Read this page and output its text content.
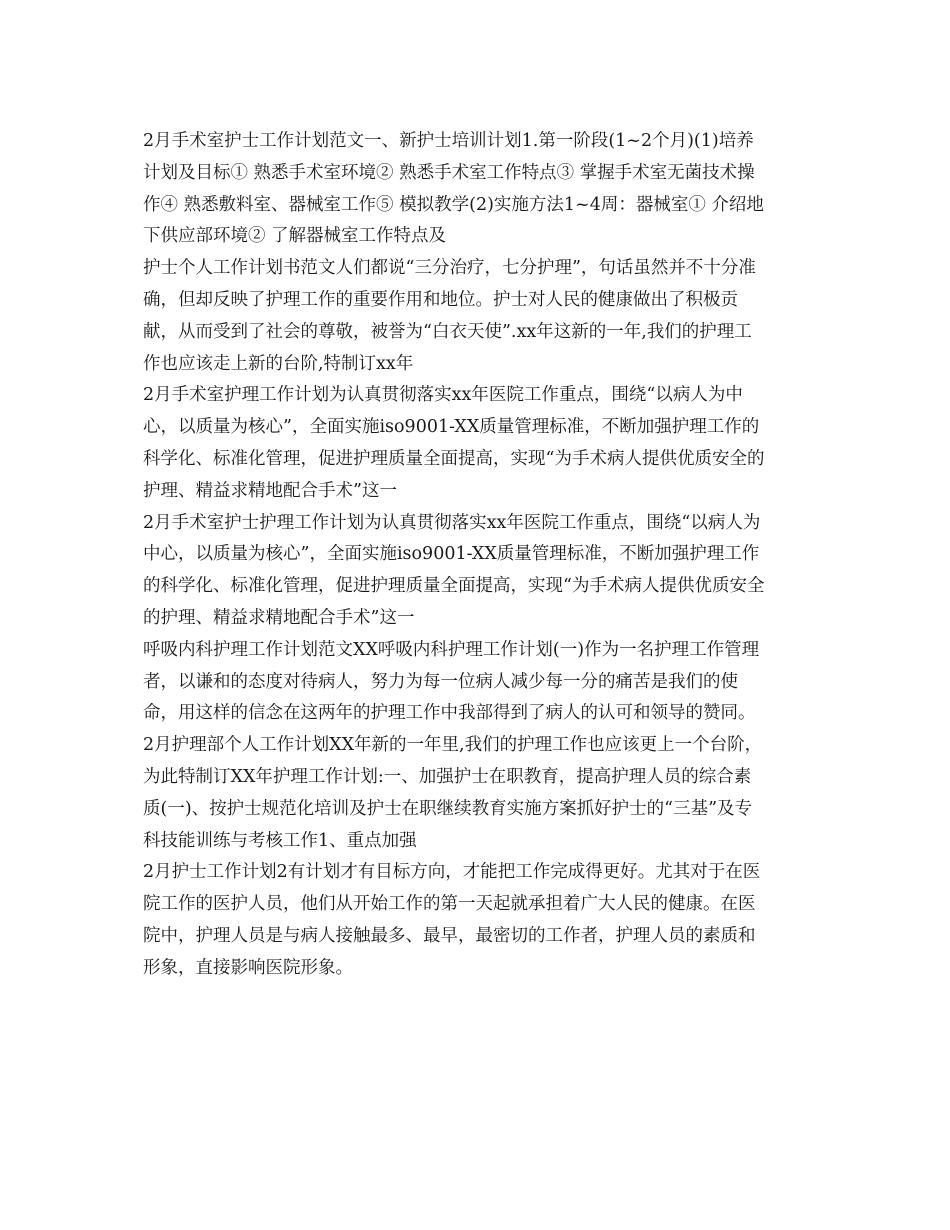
2月手术室护士工作计划范文一、新护士培训计划1.第一阶段(1~2个月)(1)培养
计划及目标① 熟悉手术室环境② 熟悉手术室工作特点③ 掌握手术室无菌技术操
作④ 熟悉敷料室、器械室工作⑤ 模拟教学(2)实施方法1~4周：器械室① 介绍地
下供应部环境② 了解器械室工作特点及

护士个人工作计划书范文人们都说“三分治疗，七分护理”，句话虽然并不十分准
确，但却反映了护理工作的重要作用和地位。护士对人民的健康做出了积极贡
献，从而受到了社会的尊敬，被誉为“白衣天使”.xx年这新的一年,我们的护理工
作也应该走上新的台阶,特制订xx年

2月手术室护理工作计划为认真贯彻落实xx年医院工作重点，围绕“以病人为中
心，以质量为核心”，全面实施iso9001-XX质量管理标准，不断加强护理工作的
科学化、标准化管理，促进护理质量全面提高，实现“为手术病人提供优质安全的
护理、精益求精地配合手术”这一

2月手术室护士护理工作计划为认真贯彻落实xx年医院工作重点，围绕“以病人为
中心，以质量为核心”，全面实施iso9001-XX质量管理标准，不断加强护理工作
的科学化、标准化管理，促进护理质量全面提高，实现“为手术病人提供优质安全
的护理、精益求精地配合手术”这一

呼吸内科护理工作计划范文XX呼吸内科护理工作计划(一)作为一名护理工作管理
者，以谦和的态度对待病人，努力为每一位病人减少每一分的痛苦是我们的使
命，用这样的信念在这两年的护理工作中我部得到了病人的认可和领导的赞同。

2月护理部个人工作计划XX年新的一年里,我们的护理工作也应该更上一个台阶，
为此特制订XX年护理工作计划:一、加强护士在职教育，提高护理人员的综合素
质(一)、按护士规范化培训及护士在职继续教育实施方案抓好护士的“三基”及专
科技能训练与考核工作1、重点加强

2月护士工作计划2有计划才有目标方向，才能把工作完成得更好。尤其对于在医
院工作的医护人员，他们从开始工作的第一天起就承担着广大人民的健康。在医
院中，护理人员是与病人接触最多、最早，最密切的工作者，护理人员的素质和
形象，直接影响医院形象。
